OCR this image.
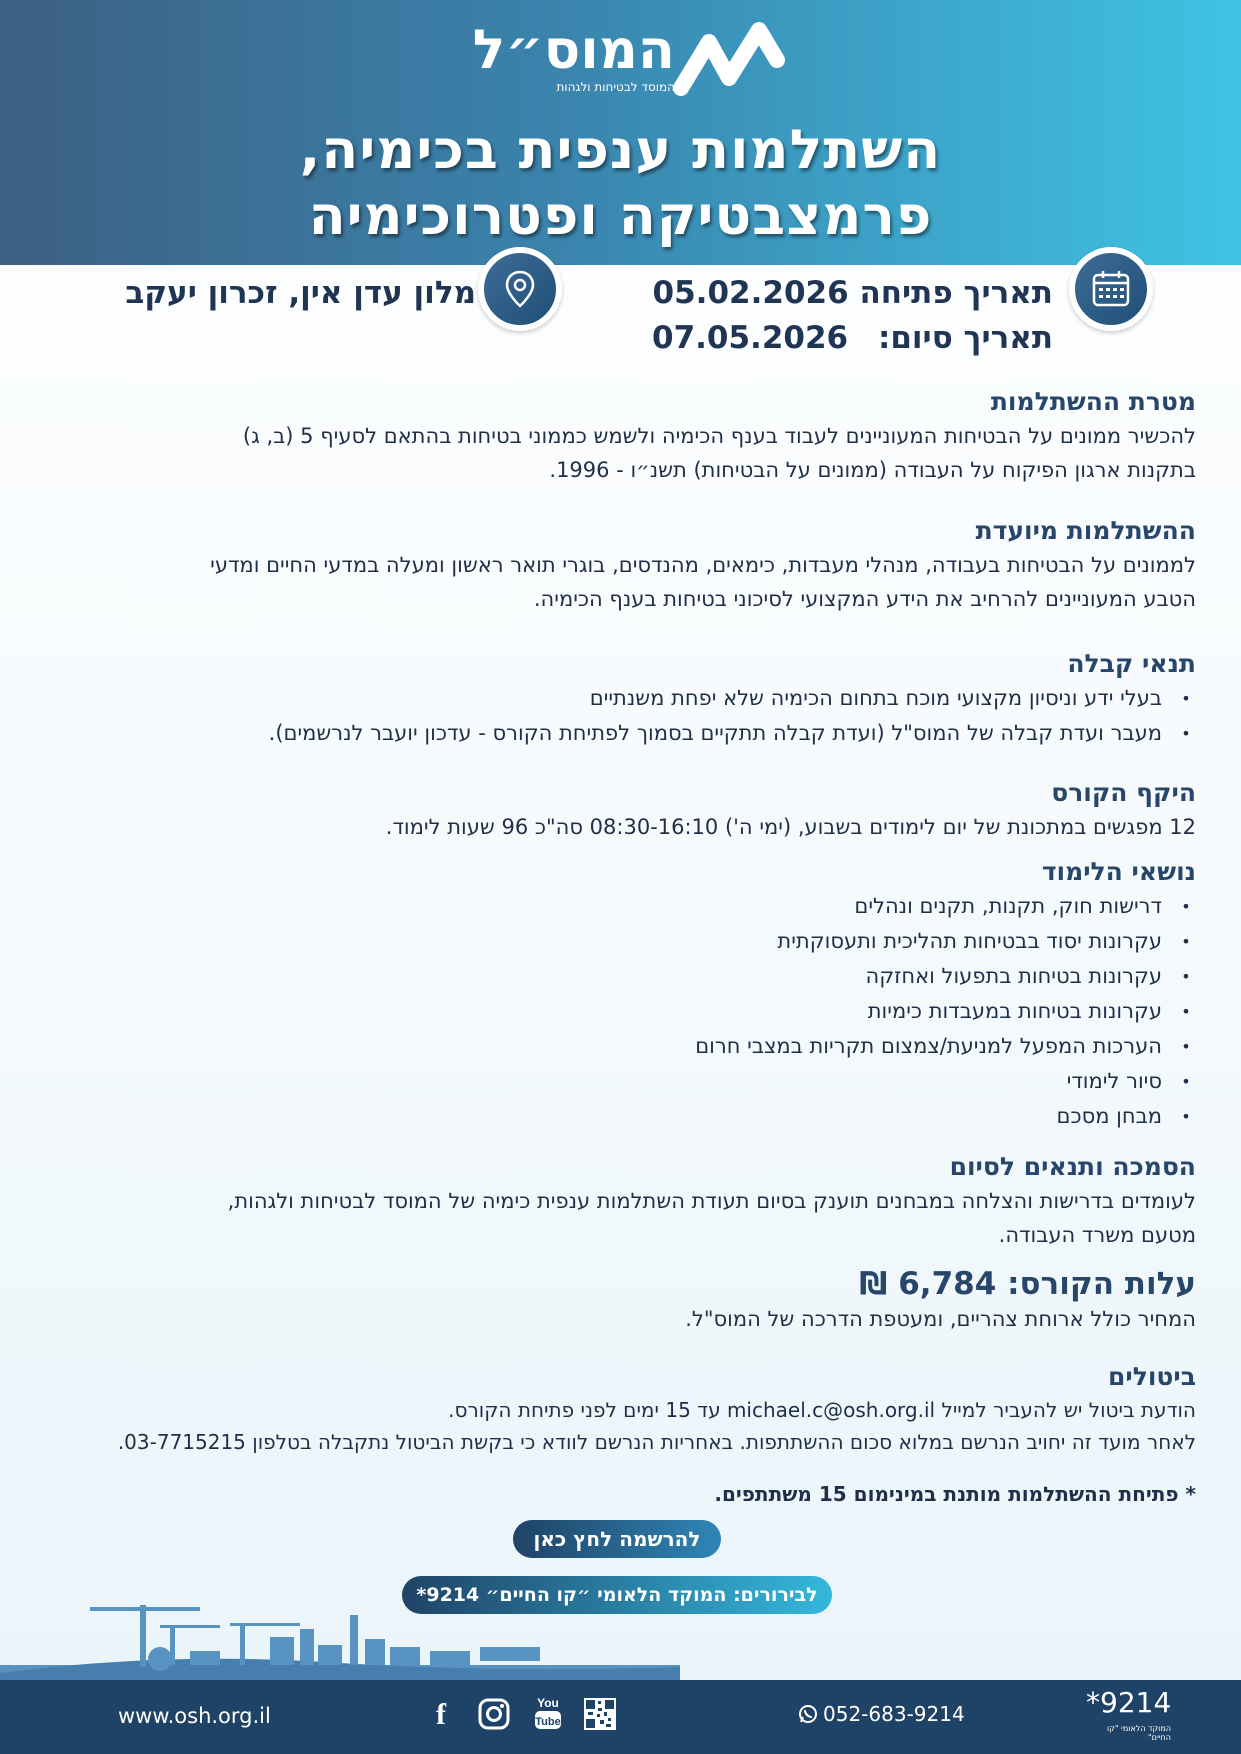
המוס״ל
המוסד לבטיחות ולגהות
השתלמות ענפית בכימיה,
פרמצבטיקה ופטרוכימיה
תאריך פתיחה 05.02.2026
תאריך סיום:
07.05.2026
מלון עדן אין, זכרון יעקב

מטרת ההשתלמות

להכשיר ממונים על הבטיחות המעוניינים לעבוד בענף הכימיה ולשמש כממוני בטיחות בהתאם לסעיף 5 (ב, ג)

בתקנות ארגון הפיקוח על העבודה (ממונים על הבטיחות) תשנ״ו - 1996.

ההשתלמות מיועדת

לממונים על הבטיחות בעבודה, מנהלי מעבדות, כימאים, מהנדסים, בוגרי תואר ראשון ומעלה במדעי החיים ומדעי

הטבע המעוניינים להרחיב את הידע המקצועי לסיכוני בטיחות בענף הכימיה.

תנאי קבלה

• בעלי ידע וניסיון מקצועי מוכח בתחום הכימיה שלא יפחת משנתיים
• מעבר ועדת קבלה של המוס"ל (ועדת קבלה תתקיים בסמוך לפתיחת הקורס - עדכון יועבר לנרשמים).

היקף הקורס

12 מפגשים במתכונת של יום לימודים בשבוע, (ימי ה') 08:30-16:10 סה"כ 96 שעות לימוד.

נושאי הלימוד

• דרישות חוק, תקנות, תקנים ונהלים
• עקרונות יסוד בבטיחות תהליכית ותעסוקתית
• עקרונות בטיחות בתפעול ואחזקה
• עקרונות בטיחות במעבדות כימיות
• הערכות המפעל למניעת/צמצום תקריות במצבי חרום
• סיור לימודי
• מבחן מסכם

הסמכה ותנאים לסיום

לעומדים בדרישות והצלחה במבחנים תוענק בסיום תעודת השתלמות ענפית כימיה של המוסד לבטיחות ולגהות,

מטעם משרד העבודה.

עלות הקורס: 6,784 ₪

המחיר כולל ארוחת צהריים, ומעטפת הדרכה של המוס"ל.

ביטולים

הודעת ביטול יש להעביר למייל michael.c@osh.org.il עד 15 ימים לפני פתיחת הקורס.

לאחר מועד זה יחויב הנרשם במלוא סכום ההשתתפות. באחריות הנרשם לוודא כי בקשת הביטול נתקבלה בטלפון 03-7715215.

* פתיחת ההשתלמות מותנת במינימום 15 משתתפים.

להרשמה לחץ כאן
לבירורים: המוקד הלאומי ״קו החיים״ 9214*
www.osh.org.il	f	You
Tube	052-683-9214	*9214
המוקד הלאומי "קו החיים"
